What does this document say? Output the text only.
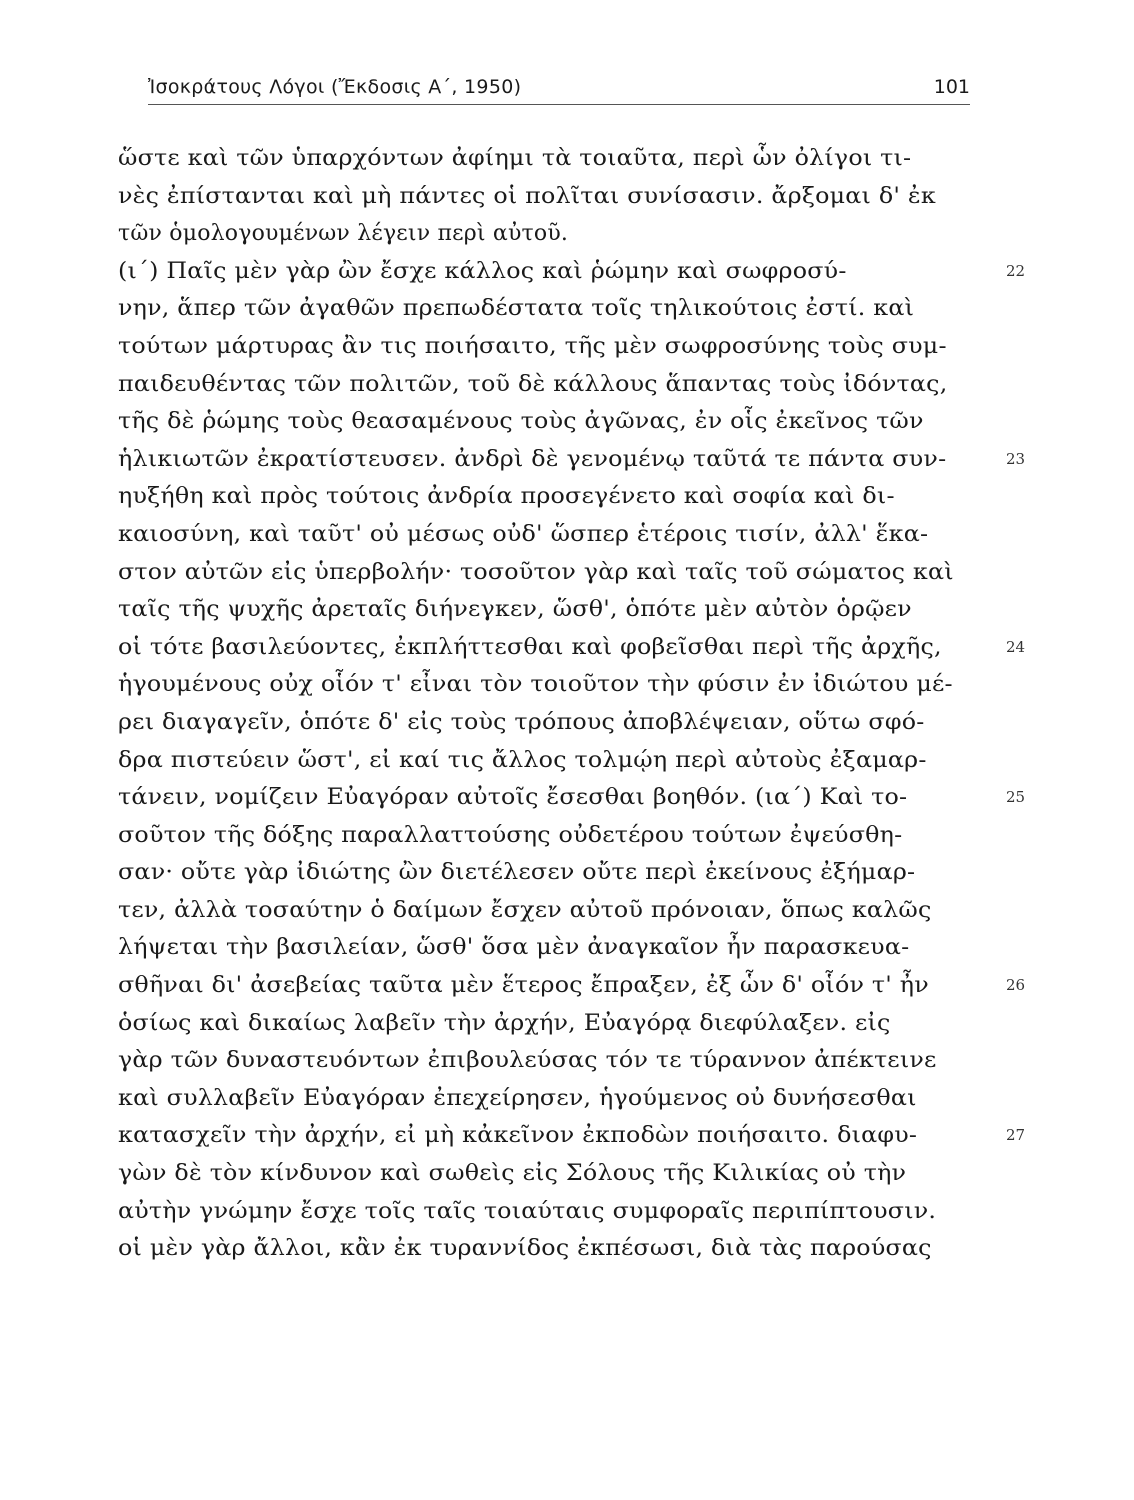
Ἰσοκράτους Λόγοι (Ἔκδοσις Α΄, 1950)	101
ὥστε καὶ τῶν ὑπαρχόντων ἀφίημι τὰ τοιαῦτα, περὶ ὧν ὀλίγοι τι-
νὲς ἐπίστανται καὶ μὴ πάντες οἱ πολῖται συνίσασιν. ἄρξομαι δ' ἐκ
τῶν ὁμολογουμένων λέγειν περὶ αὐτοῦ.
(ι΄) Παῖς μὲν γὰρ ὢν ἔσχε κάλλος καὶ ῥώμην καὶ σωφροσύ-	22
νην, ἅπερ τῶν ἀγαθῶν πρεπωδέστατα τοῖς τηλικούτοις ἐστί. καὶ
τούτων μάρτυρας ἂν τις ποιήσαιτο, τῆς μὲν σωφροσύνης τοὺς συμ-
παιδευθέντας τῶν πολιτῶν, τοῦ δὲ κάλλους ἅπαντας τοὺς ἰδόντας,
τῆς δὲ ῥώμης τοὺς θεασαμένους τοὺς ἀγῶνας, ἐν οἷς ἐκεῖνος τῶν
ἡλικιωτῶν ἐκρατίστευσεν. ἀνδρὶ δὲ γενομένῳ ταῦτά τε πάντα συν-	23
ηυξήθη καὶ πρὸς τούτοις ἀνδρία προσεγένετο καὶ σοφία καὶ δι-
καιοσύνη, καὶ ταῦτ' οὐ μέσως οὐδ' ὥσπερ ἑτέροις τισίν, ἀλλ' ἕκα-
στον αὐτῶν εἰς ὑπερβολήν· τοσοῦτον γὰρ καὶ ταῖς τοῦ σώματος καὶ
ταῖς τῆς ψυχῆς ἀρεταῖς διήνεγκεν, ὥσθ', ὁπότε μὲν αὐτὸν ὁρῷεν
οἱ τότε βασιλεύοντες, ἐκπλήττεσθαι καὶ φοβεῖσθαι περὶ τῆς ἀρχῆς,	24
ἡγουμένους οὐχ οἷόν τ' εἶναι τὸν τοιοῦτον τὴν φύσιν ἐν ἰδιώτου μέ-
ρει διαγαγεῖν, ὁπότε δ' εἰς τοὺς τρόπους ἀποβλέψειαν, οὕτω σφό-
δρα πιστεύειν ὥστ', εἰ καί τις ἄλλος τολμῴη περὶ αὐτοὺς ἐξαμαρ-
τάνειν, νομίζειν Εὐαγόραν αὐτοῖς ἔσεσθαι βοηθόν. (ια΄) Καὶ το-	25
σοῦτον τῆς δόξης παραλλαττούσης οὐδετέρου τούτων ἐψεύσθη-
σαν· οὔτε γὰρ ἰδιώτης ὢν διετέλεσεν οὔτε περὶ ἐκείνους ἐξήμαρ-
τεν, ἀλλὰ τοσαύτην ὁ δαίμων ἔσχεν αὐτοῦ πρόνοιαν, ὅπως καλῶς
λήψεται τὴν βασιλείαν, ὥσθ' ὅσα μὲν ἀναγκαῖον ἦν παρασκευα-
σθῆναι δι' ἀσεβείας ταῦτα μὲν ἕτερος ἔπραξεν, ἐξ ὧν δ' οἷόν τ' ἦν	26
ὁσίως καὶ δικαίως λαβεῖν τὴν ἀρχήν, Εὐαγόρᾳ διεφύλαξεν. εἰς
γὰρ τῶν δυναστευόντων ἐπιβουλεύσας τόν τε τύραννον ἀπέκτεινε
καὶ συλλαβεῖν Εὐαγόραν ἐπεχείρησεν, ἡγούμενος οὐ δυνήσεσθαι
κατασχεῖν τὴν ἀρχήν, εἰ μὴ κἀκεῖνον ἐκποδὼν ποιήσαιτο. διαφυ-	27
γὼν δὲ τὸν κίνδυνον καὶ σωθεὶς εἰς Σόλους τῆς Κιλικίας οὐ τὴν
αὐτὴν γνώμην ἔσχε τοῖς ταῖς τοιαύταις συμφοραῖς περιπίπτουσιν.
οἱ μὲν γὰρ ἄλλοι, κἂν ἐκ τυραννίδος ἐκπέσωσι, διὰ τὰς παρούσας
